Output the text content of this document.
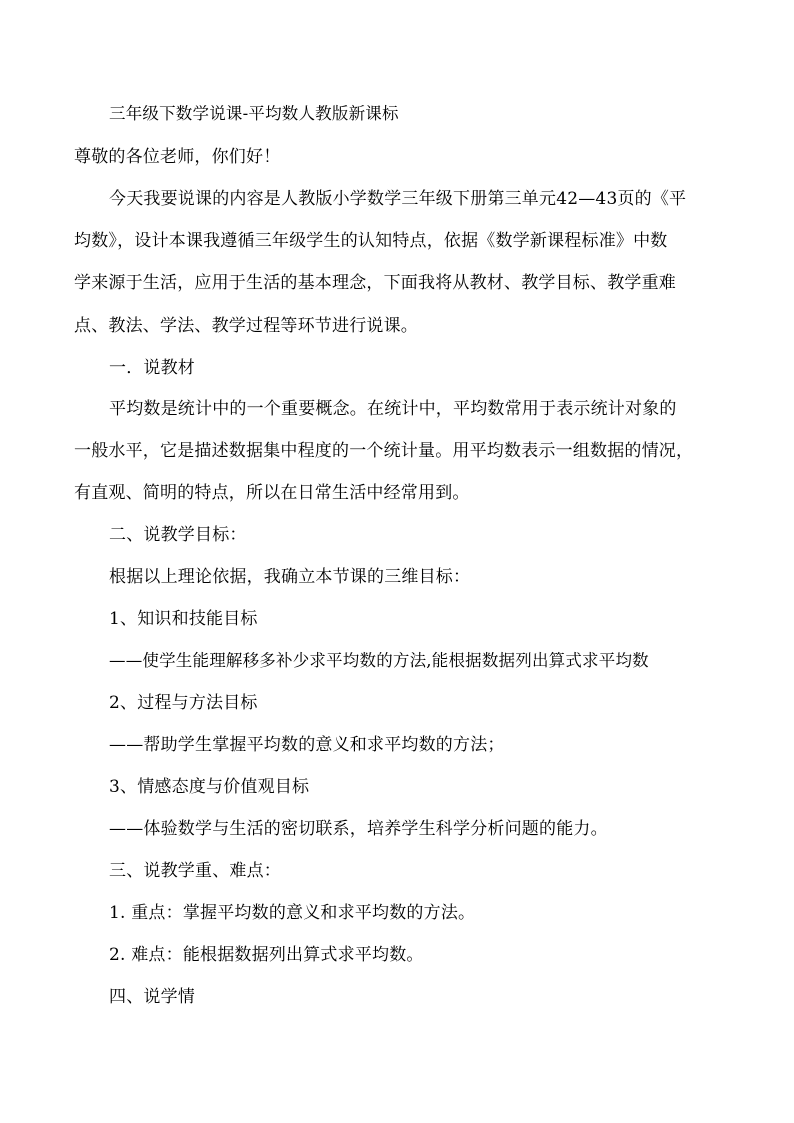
三年级下数学说课-平均数人教版新课标
尊敬的各位老师，你们好！
今天我要说课的内容是人教版小学数学三年级下册第三单元42—43页的《平
均数》，设计本课我遵循三年级学生的认知特点，依据《数学新课程标准》中数
学来源于生活，应用于生活的基本理念，下面我将从教材、教学目标、教学重难
点、教法、学法、教学过程等环节进行说课。
一．说教材
平均数是统计中的一个重要概念。在统计中，平均数常用于表示统计对象的
一般水平，它是描述数据集中程度的一个统计量。用平均数表示一组数据的情况，
有直观、简明的特点，所以在日常生活中经常用到。
二、说教学目标：
根据以上理论依据，我确立本节课的三维目标：
1、知识和技能目标
——使学生能理解移多补少求平均数的方法,能根据数据列出算式求平均数
2、过程与方法目标
——帮助学生掌握平均数的意义和求平均数的方法；
3、情感态度与价值观目标
——体验数学与生活的密切联系，培养学生科学分析问题的能力。
三、说教学重、难点：
1. 重点：掌握平均数的意义和求平均数的方法。
2. 难点：能根据数据列出算式求平均数。
四、说学情
